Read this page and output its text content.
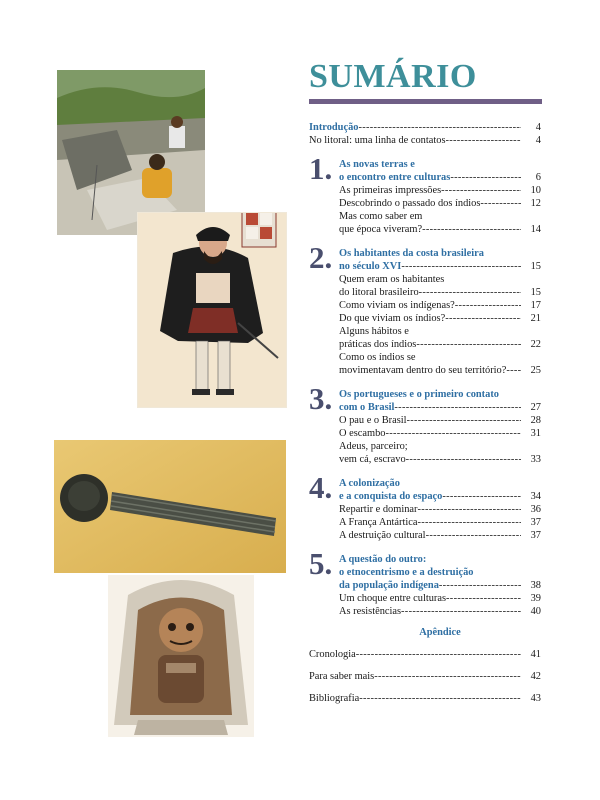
SUMÁRIO
Introdução -----	4
No litoral: uma linha de contatos -----	4
1. As novas terras e
o encontro entre culturas -----	6
As primeiras impressões -----	10
Descobrindo o passado dos índios -----	12
Mas como saber em
que época viveram? -----	14
2. Os habitantes da costa brasileira
no século XVI -----	15
Quem eram os habitantes
do litoral brasileiro -----	15
Como viviam os indígenas? -----	17
Do que viviam os índios? -----	21
Alguns hábitos e
práticas dos índios -----	22
Como os índios se
movimentavam dentro do seu território? -----	25
3. Os portugueses e o primeiro contato
com o Brasil -----	27
O pau e o Brasil -----	28
O escambo -----	31
Adeus, parceiro;
vem cá, escravo -----	33
4. A colonização
e a conquista do espaço -----	34
Repartir e dominar -----	36
A França Antártica -----	37
A destruição cultural -----	37
5. A questão do outro:
o etnocentrismo e a destruição
da população indígena -----	38
Um choque entre culturas -----	39
As resistências -----	40
Apêndice
Cronologia -----	41
Para saber mais -----	42
Bibliografia -----	43
